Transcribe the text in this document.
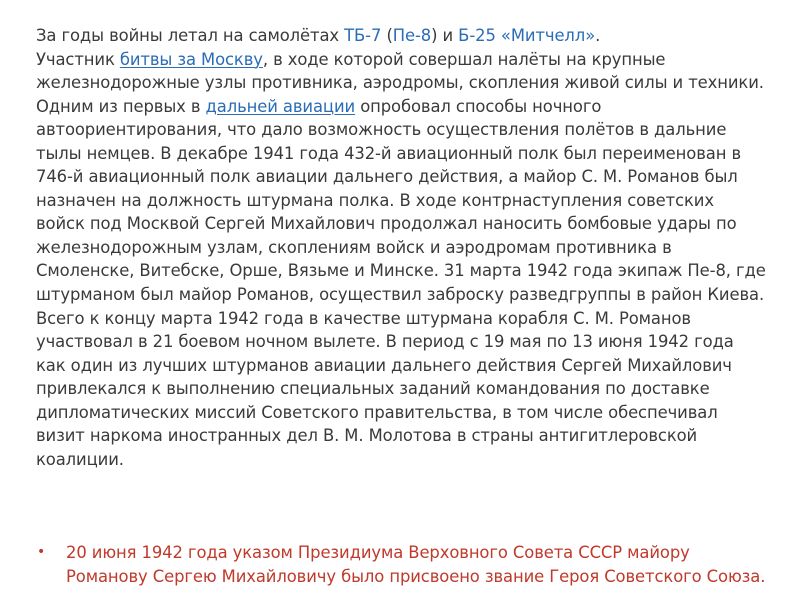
За годы войны летал на самолётах ТБ-7 (Пе-8) и Б-25 «Митчелл».
Участник битвы за Москву, в ходе которой совершал налёты на крупные железнодорожные узлы противника, аэродромы, скопления живой силы и техники. Одним из первых в дальней авиации опробовал способы ночного автоориентирования, что дало возможность осуществления полётов в дальние тылы немцев. В декабре 1941 года 432-й авиационный полк был переименован в 746-й авиационный полк авиации дальнего действия, а майор С. М. Романов был назначен на должность штурмана полка. В ходе контрнаступления советских войск под Москвой Сергей Михайлович продолжал наносить бомбовые удары по железнодорожным узлам, скоплениям войск и аэродромам противника в Смоленске, Витебске, Орше, Вязьме и Минске. 31 марта 1942 года экипаж Пе-8, где штурманом был майор Романов, осуществил заброску разведгруппы в район Киева. Всего к концу марта 1942 года в качестве штурмана корабля С. М. Романов участвовал в 21 боевом ночном вылете. В период с 19 мая по 13 июня 1942 года как один из лучших штурманов авиации дальнего действия Сергей Михайлович привлекался к выполнению специальных заданий командования по доставке дипломатических миссий Советского правительства, в том числе обеспечивал визит наркома иностранных дел В. М. Молотова в страны антигитлеровской коалиции.

• 20 июня 1942 года указом Президиума Верховного Совета СССР майору Романову Сергею Михайловичу было присвоено звание Героя Советского Союза.
